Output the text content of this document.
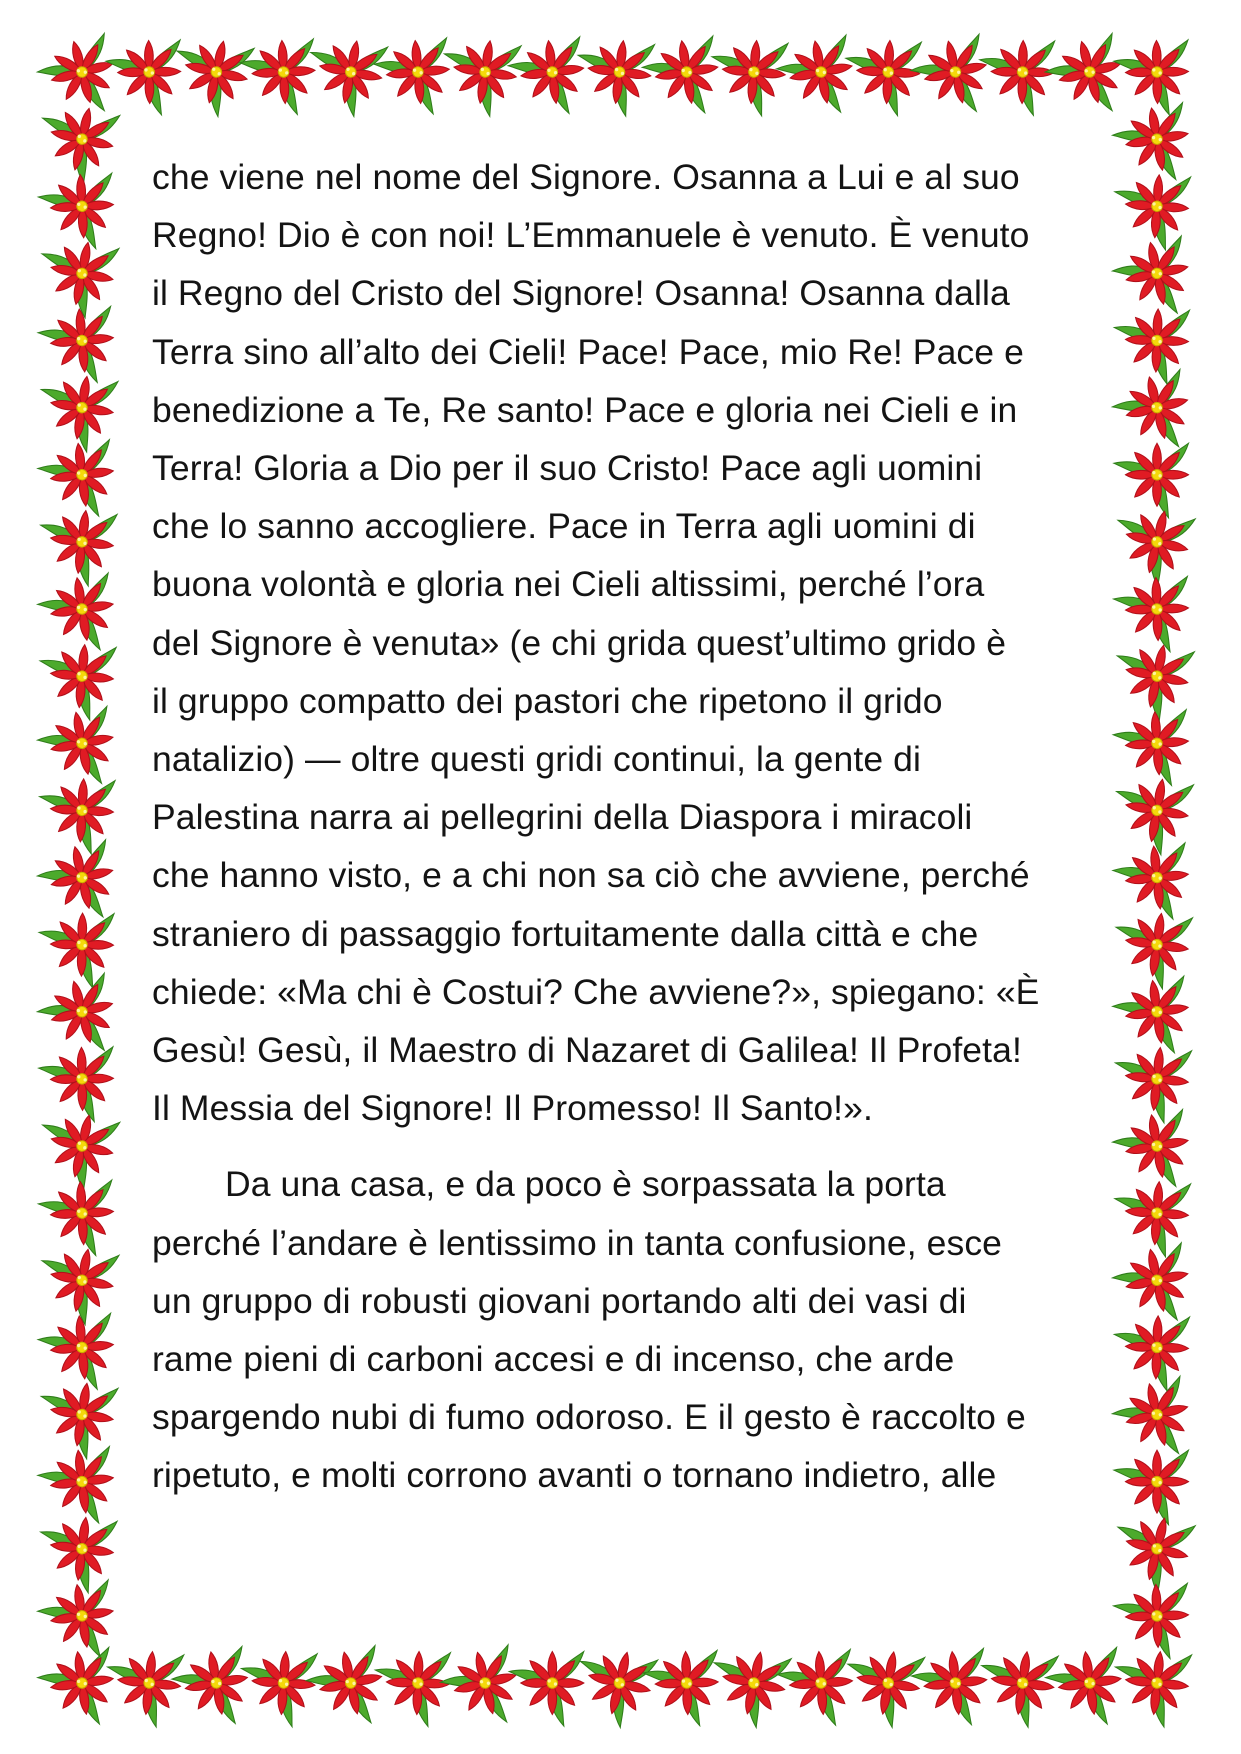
che viene nel nome del Signore. Osanna a Lui e al suo
Regno! Dio è con noi! L’Emmanuele è venuto. È venuto
il Regno del Cristo del Signore! Osanna! Osanna dalla
Terra sino all’alto dei Cieli! Pace! Pace, mio Re! Pace e
benedizione a Te, Re santo! Pace e gloria nei Cieli e in
Terra! Gloria a Dio per il suo Cristo! Pace agli uomini
che lo sanno accogliere. Pace in Terra agli uomini di
buona volontà e gloria nei Cieli altissimi, perché l’ora
del Signore è venuta» (e chi grida quest’ultimo grido è
il gruppo compatto dei pastori che ripetono il grido
natalizio) — oltre questi gridi continui, la gente di
Palestina narra ai pellegrini della Diaspora i miracoli
che hanno visto, e a chi non sa ciò che avviene, perché
straniero di passaggio fortuitamente dalla città e che
chiede: «Ma chi è Costui? Che avviene?», spiegano: «È
Gesù! Gesù, il Maestro di Nazaret di Galilea! Il Profeta!
Il Messia del Signore! Il Promesso! Il Santo!».

Da una casa, e da poco è sorpassata la porta
perché l’andare è lentissimo in tanta confusione, esce
un gruppo di robusti giovani portando alti dei vasi di
rame pieni di carboni accesi e di incenso, che arde
spargendo nubi di fumo odoroso. E il gesto è raccolto e
ripetuto, e molti corrono avanti o tornano indietro, alle
